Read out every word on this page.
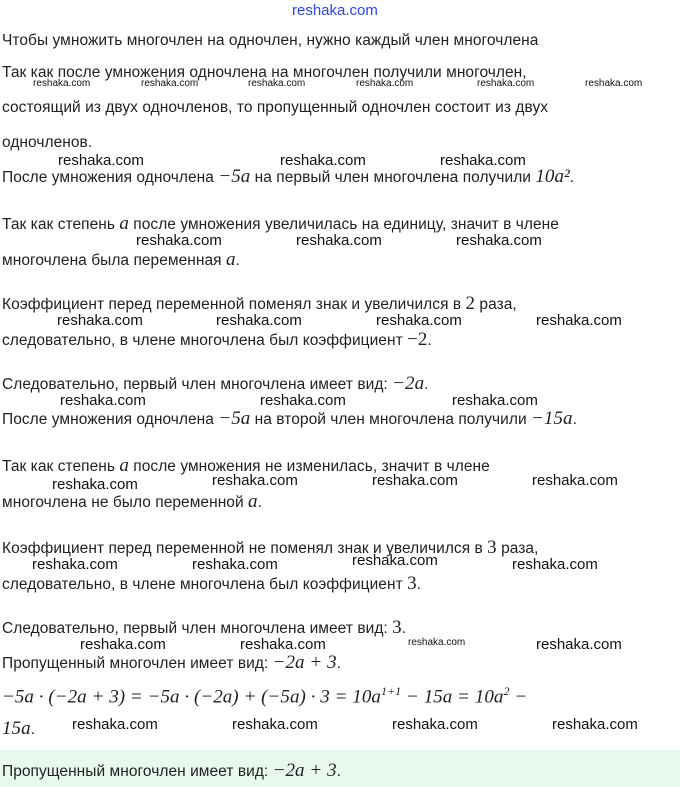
reshaka.com
Чтобы умножить многочлен на одночлен, нужно каждый член многочлена
Так как после умножения одночлена на многочлен получили многочлен,
состоящий из двух одночленов, то пропущенный одночлен состоит из двух
одночленов.
После умножения одночлена −5a на первый член многочлена получили 10a².
Так как степень a после умножения увеличилась на единицу, значит в члене
многочлена была переменная a.
Коэффициент перед переменной поменял знак и увеличился в 2 раза,
следовательно, в члене многочлена был коэффициент −2.
Следовательно, первый член многочлена имеет вид: −2a.
После умножения одночлена −5a на второй член многочлена получили −15a.
Так как степень a после умножения не изменилась, значит в члене
многочлена не было переменной a.
Коэффициент перед переменной не поменял знак и увеличился в 3 раза,
следовательно, в члене многочлена был коэффициент 3.
Следовательно, первый член многочлена имеет вид: 3.
Пропущенный многочлен имеет вид: −2a + 3.
$-5a \cdot (-2a + 3) = -5a \cdot (-2a) + (-5a) \cdot 3 = 10a^{1+1} - 15a = 10a^2$ −
15a.
Пропущенный многочлен имеет вид: −2a + 3.
reshaka.com	reshaka.com	reshaka.com	reshaka.com	reshaka.com	reshaka.com
reshaka.com	reshaka.com	reshaka.com
reshaka.com	reshaka.com	reshaka.com
reshaka.com	reshaka.com	reshaka.com	reshaka.com
reshaka.com	reshaka.com	reshaka.com
reshaka.com	reshaka.com	reshaka.com	reshaka.com
reshaka.com	reshaka.com	reshaka.com	reshaka.com
reshaka.com	reshaka.com	reshaka.com	reshaka.com
reshaka.com	reshaka.com	reshaka.com	reshaka.com
